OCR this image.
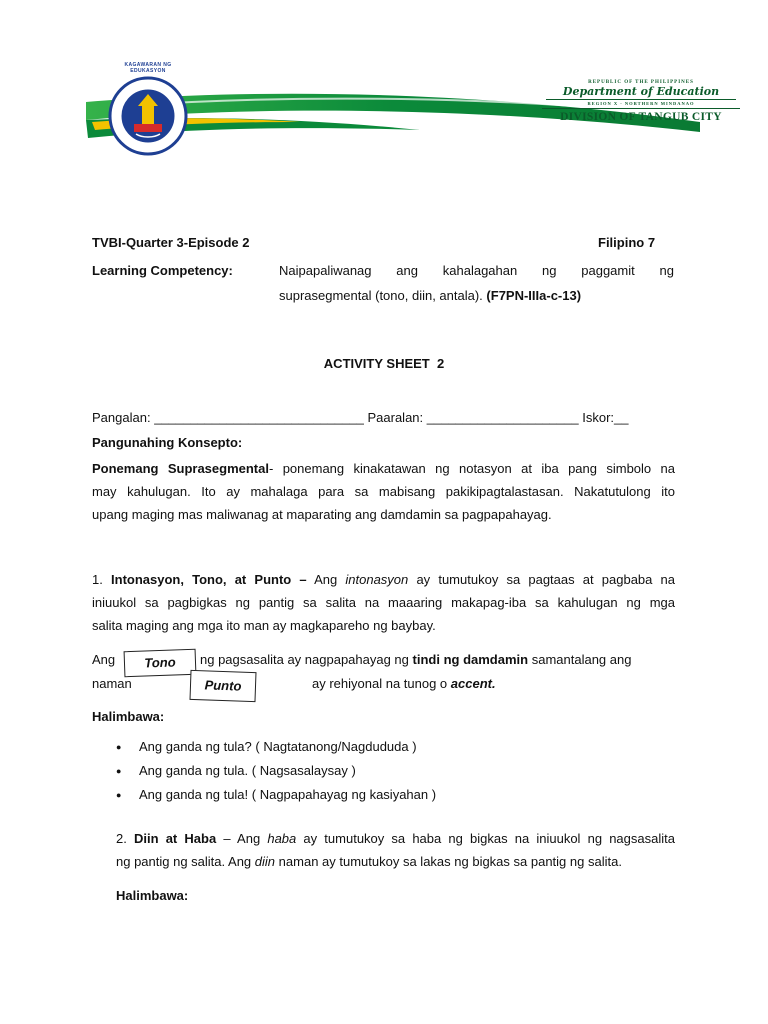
KAGAWARAN NG EDUKASYON
REPUBLIC OF THE PHILIPPINES
Department of Education
REGION X - NORTHERN MINDANAO
DIVISION OF TANGUB CITY
TVBI-Quarter 3-Episode 2	Filipino 7
Learning Competency:	Naipapaliwanag ang kahalagahan ng paggamit ng
suprasegmental (tono, diin, antala). (F7PN-IIIa-c-13)
ACTIVITY SHEET  2
Pangalan: _____________________________ Paaralan: _____________________ Iskor:__
Pangunahing Konsepto:

Ponemang Suprasegmental- ponemang kinakatawan ng notasyon at iba pang simbolo na

may kahulugan. Ito ay mahalaga para sa mabisang pakikipagtalastasan. Nakatutulong ito

upang maging mas maliwanag at maparating ang damdamin sa pagpapahayag.

1. Intonasyon, Tono, at Punto – Ang intonasyon ay tumutukoy sa pagtaas at pagbaba na

iniuukol sa pagbigkas ng pantig sa salita na maaaring makapag-iba sa kahulugan ng mga

salita maging ang mga ito man ay magkapareho ng baybay.

Ang	Tono	ng pagsasalita ay nagpapahayag ng tindi ng damdamin samantalang ang
naman	Punto	ay rehiyonal na tunog o accent.
Halimbawa:
● Ang ganda ng tula? ( Nagtatanong/Nagdududa )
● Ang ganda ng tula. ( Nagsasalaysay )
● Ang ganda ng tula! ( Nagpapahayag ng kasiyahan )

2. Diin at Haba – Ang haba ay tumutukoy sa haba ng bigkas na iniuukol ng nagsasalita

ng pantig ng salita. Ang diin naman ay tumutukoy sa lakas ng bigkas sa pantig ng salita.

Halimbawa:
